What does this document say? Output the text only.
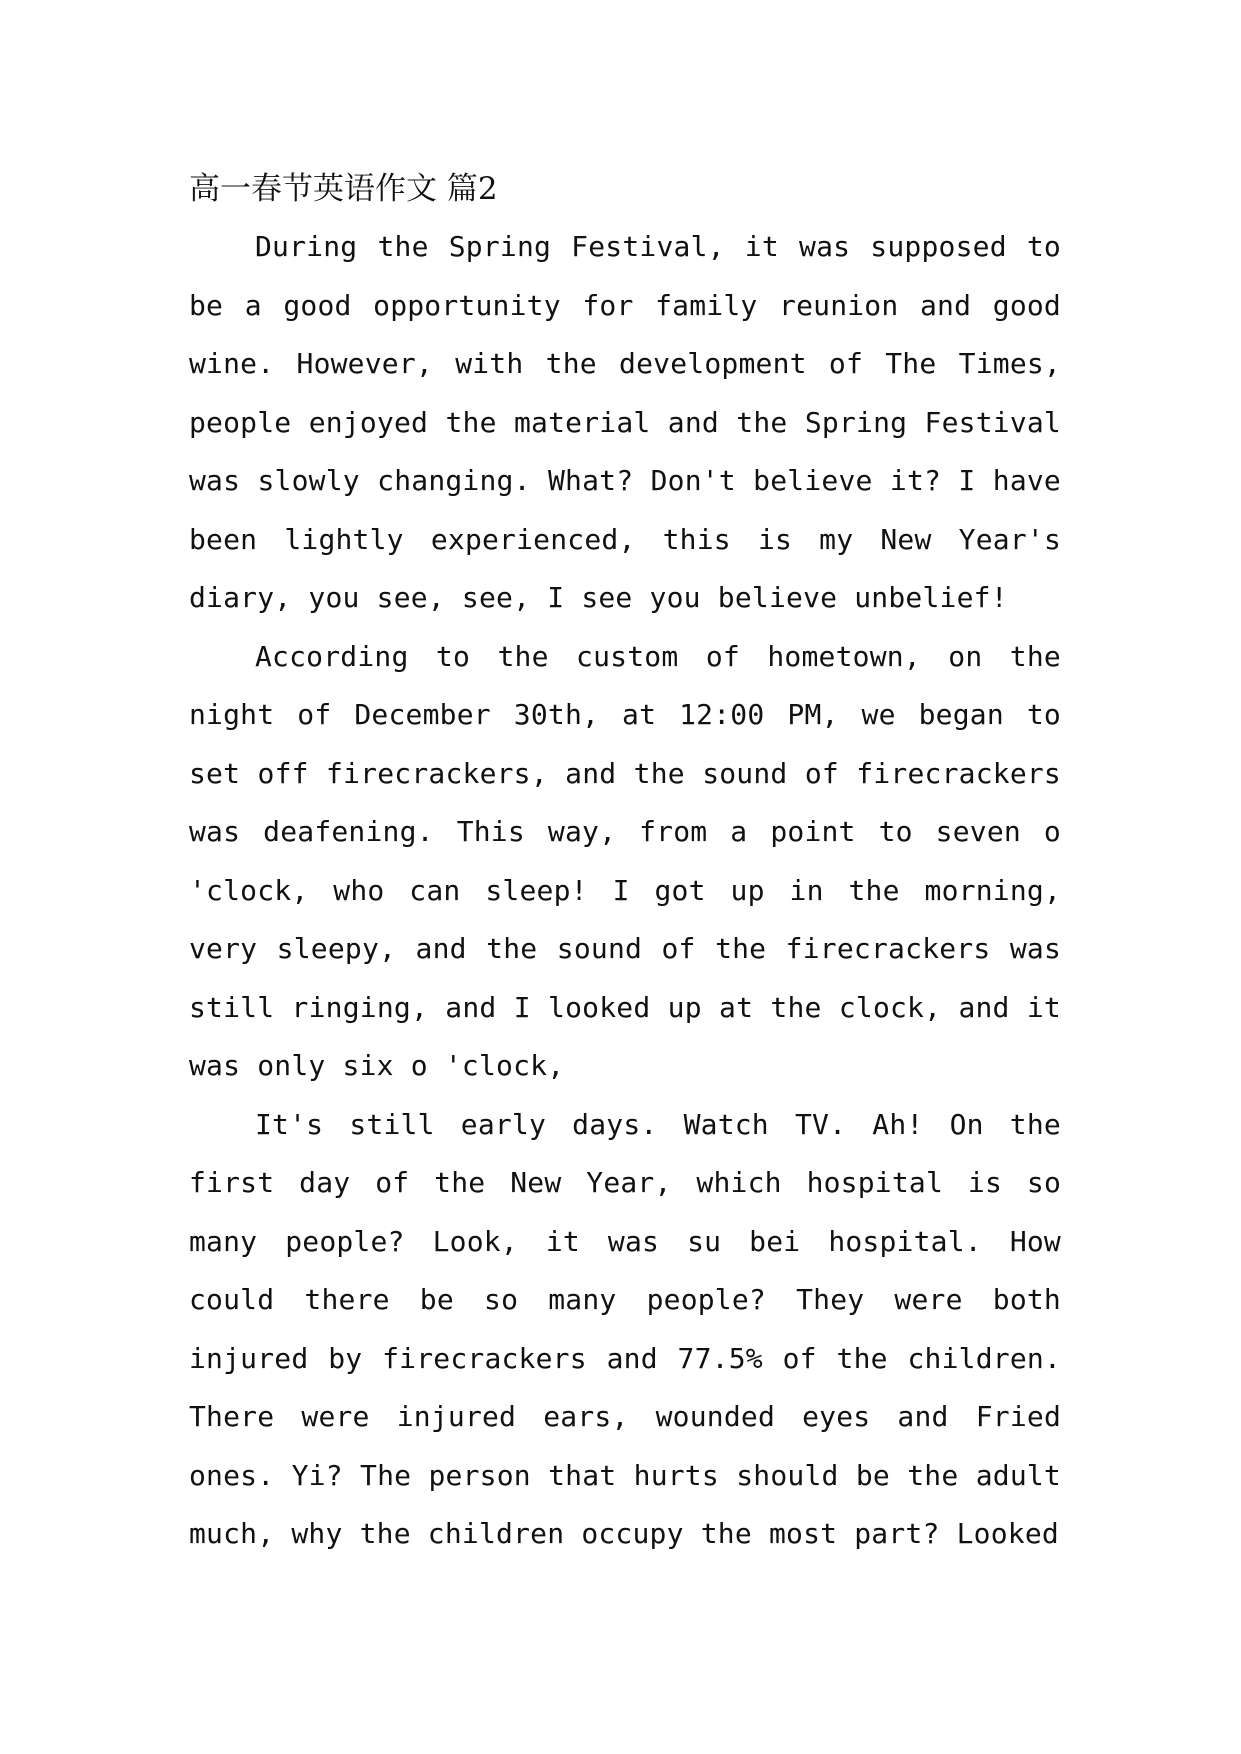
高一春节英语作文 篇2

During the Spring Festival, it was supposed to be a good opportunity for family reunion and good wine. However, with the development of The Times, people enjoyed the material and the Spring Festival was slowly changing. What? Don't believe it? I have been lightly experienced, this is my New Year's diary, you see, see, I see you believe unbelief!

According to the custom of hometown, on the night of December 30th, at 12:00 PM, we began to set off firecrackers, and the sound of firecrackers was deafening. This way, from a point to seven o 'clock, who can sleep! I got up in the morning, very sleepy, and the sound of the firecrackers was still ringing, and I looked up at the clock, and it was only six o 'clock,

It's still early days. Watch TV. Ah! On the first day of the New Year, which hospital is so many people? Look, it was su bei hospital. How could there be so many people? They were both injured by firecrackers and 77.5% of the children. There were injured ears, wounded eyes and Fried ones. Yi? The person that hurts should be the adult much, why the children occupy the most part? Looked
